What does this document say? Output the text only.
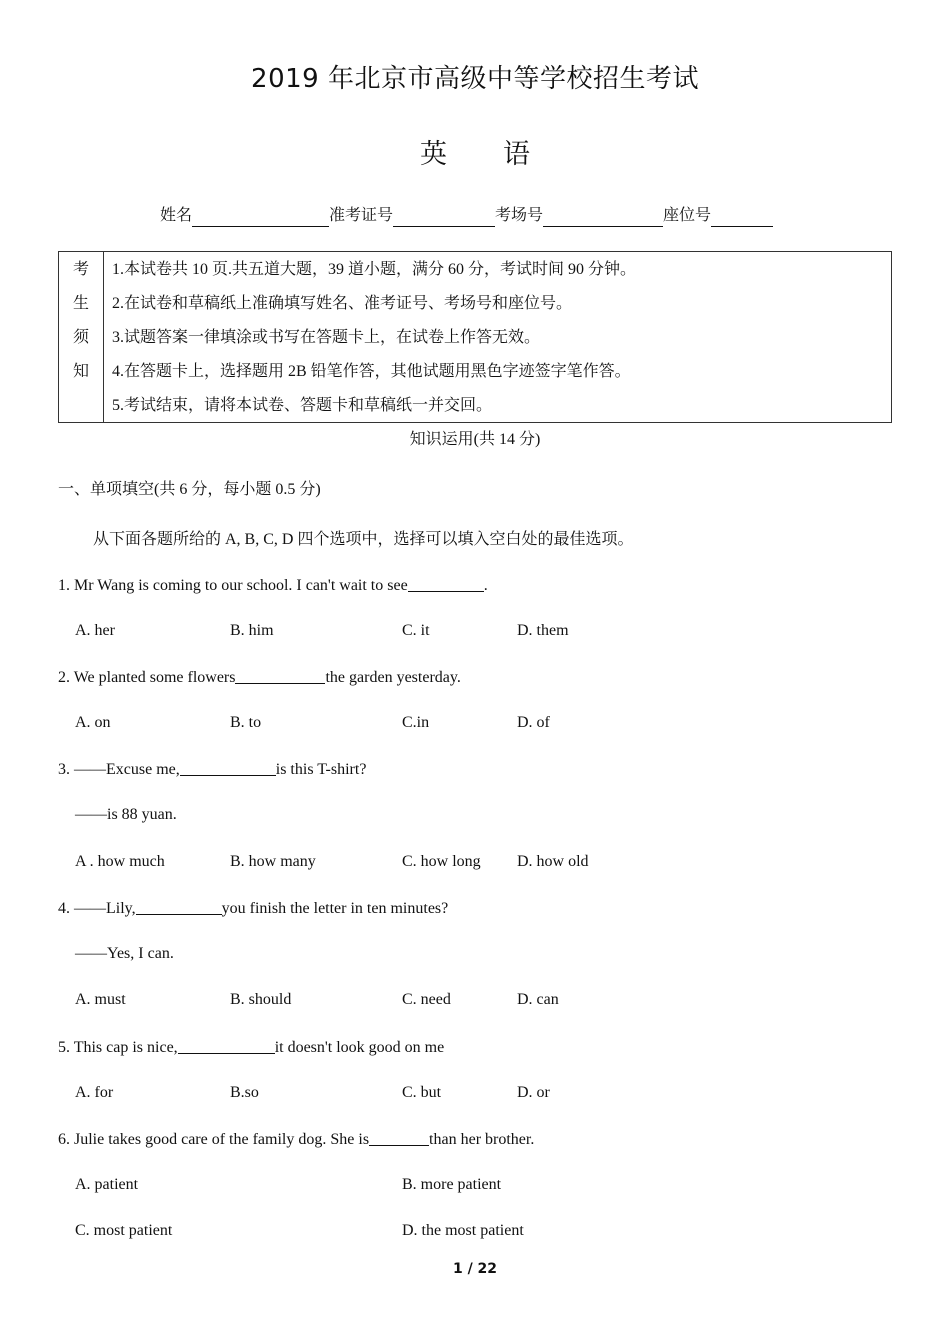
2019 年北京市高级中等学校招生考试
英 语
姓名	准考证号	考场号	座位号
考
生
须
知
1.本试卷共 10 页.共五道大题，39 道小题，满分 60 分，考试时间 90 分钟。
2.在试卷和草稿纸上准确填写姓名、准考证号、考场号和座位号。
3.试题答案一律填涂或书写在答题卡上，在试卷上作答无效。
4.在答题卡上，选择题用 2B 铅笔作答，其他试题用黑色字迹签字笔作答。
5.考试结束，请将本试卷、答题卡和草稿纸一并交回。
知识运用(共 14 分)
一、单项填空(共 6 分，每小题 0.5 分)
从下面各题所给的 A, B, C, D 四个选项中，选择可以填入空白处的最佳选项。
1. Mr Wang is coming to our school. I can't wait to see	.
A. her	B. him	C. it	D. them
2. We planted some flowers	the garden yesterday.
A. on	B. to	C.in	D. of
3. ——Excuse me,	is this T-shirt?
——is 88 yuan.
A . how much	B. how many	C. how long D. how old
4. ——Lily,	you finish the letter in ten minutes?
——Yes, I can.
A. must	B. should	C. need	D. can
5. This cap is nice,	it doesn't look good on me
A. for	B.so	C. but	D. or
6. Julie takes good care of the family dog. She is	than her brother.
A. patient	B. more patient
C. most patient	D. the most patient
1 / 22
